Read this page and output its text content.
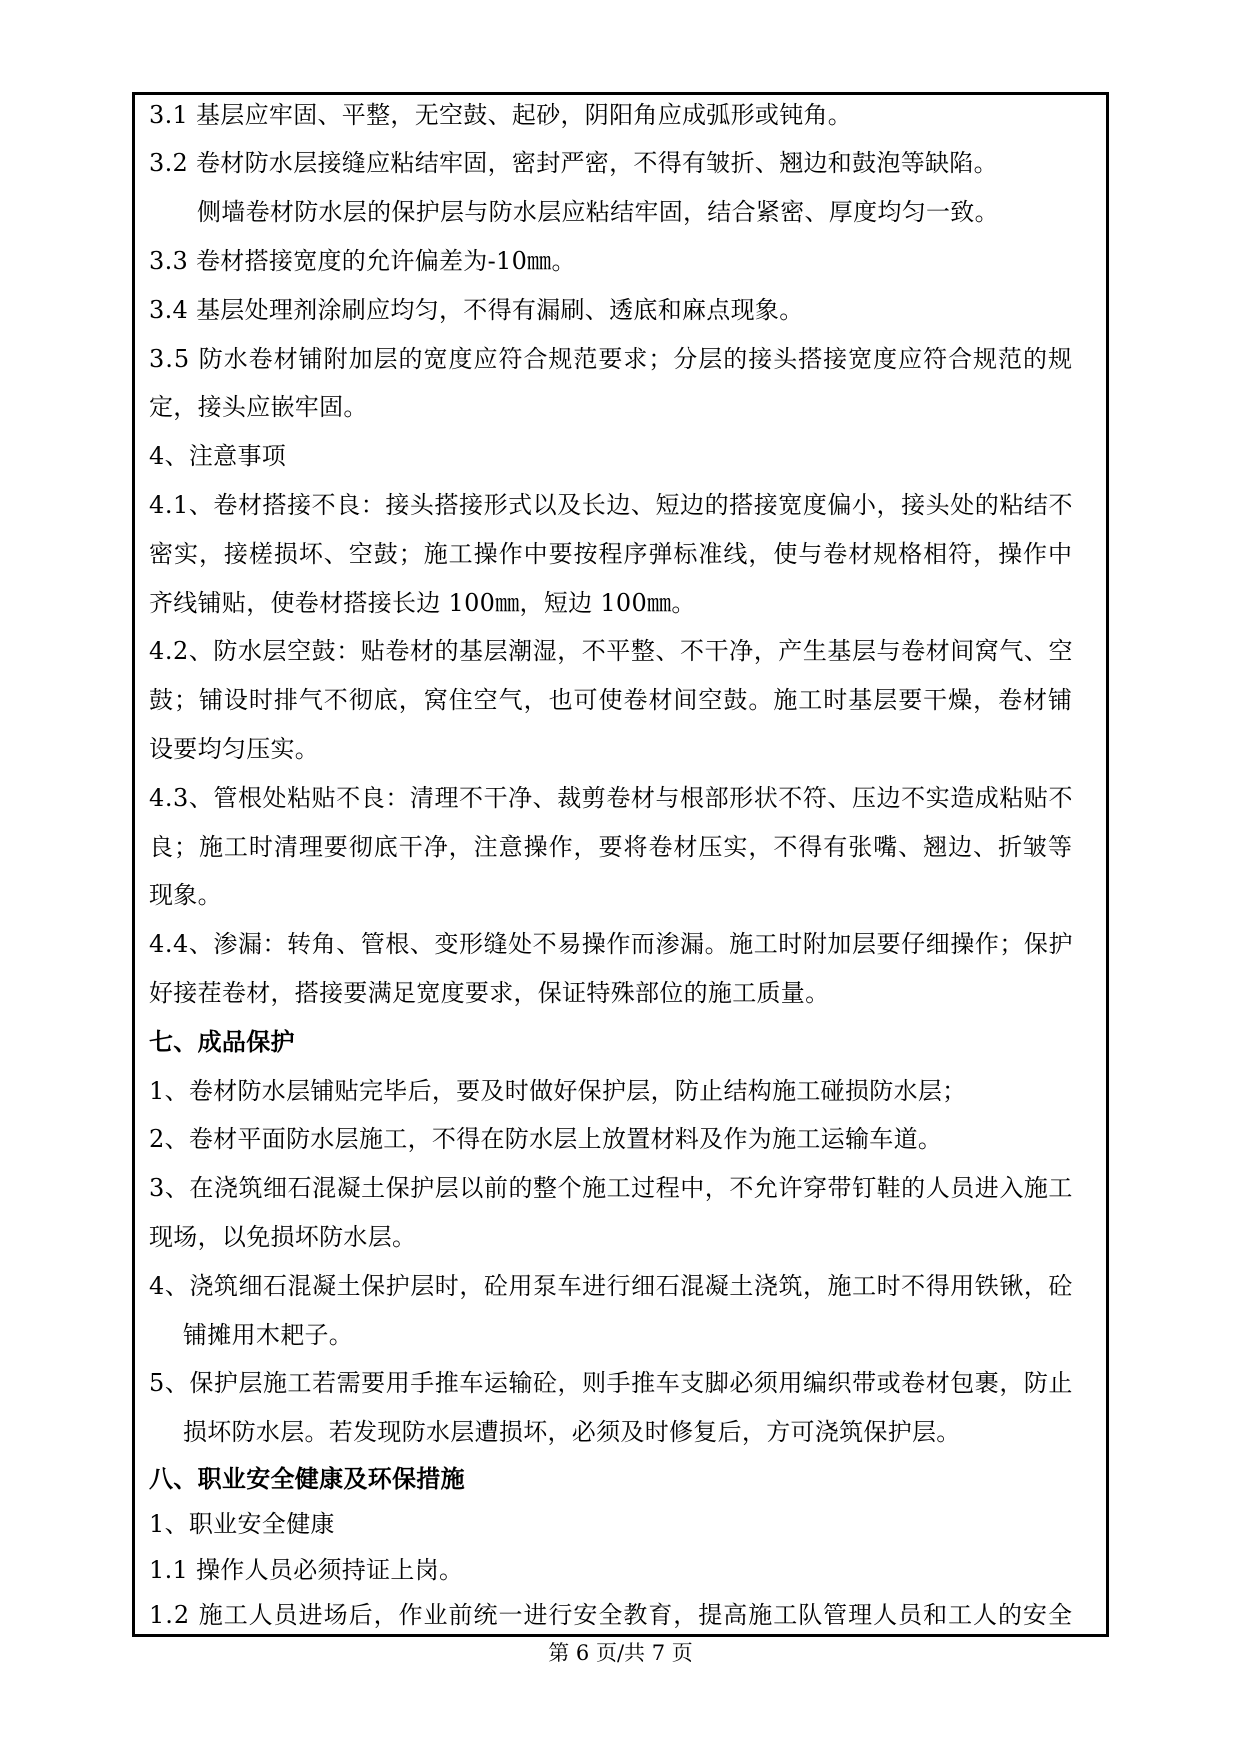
3.1 基层应牢固、平整，无空鼓、起砂，阴阳角应成弧形或钝角。
3.2 卷材防水层接缝应粘结牢固，密封严密，不得有皱折、翘边和鼓泡等缺陷。
侧墙卷材防水层的保护层与防水层应粘结牢固，结合紧密、厚度均匀一致。
3.3 卷材搭接宽度的允许偏差为-10㎜。
3.4 基层处理剂涂刷应均匀，不得有漏刷、透底和麻点现象。
3.5 防水卷材铺附加层的宽度应符合规范要求；分层的接头搭接宽度应符合规范的规
定，接头应嵌牢固。
4、注意事项
4.1、卷材搭接不良：接头搭接形式以及长边、短边的搭接宽度偏小，接头处的粘结不
密实，接槎损坏、空鼓；施工操作中要按程序弹标准线，使与卷材规格相符，操作中
齐线铺贴，使卷材搭接长边 100㎜，短边 100㎜。
4.2、防水层空鼓：贴卷材的基层潮湿，不平整、不干净，产生基层与卷材间窝气、空
鼓；铺设时排气不彻底，窝住空气，也可使卷材间空鼓。施工时基层要干燥，卷材铺
设要均匀压实。
4.3、管根处粘贴不良：清理不干净、裁剪卷材与根部形状不符、压边不实造成粘贴不
良；施工时清理要彻底干净，注意操作，要将卷材压实，不得有张嘴、翘边、折皱等
现象。
4.4、渗漏：转角、管根、变形缝处不易操作而渗漏。施工时附加层要仔细操作；保护
好接茬卷材，搭接要满足宽度要求，保证特殊部位的施工质量。
七、成品保护
1、卷材防水层铺贴完毕后，要及时做好保护层，防止结构施工碰损防水层；
2、卷材平面防水层施工，不得在防水层上放置材料及作为施工运输车道。
3、在浇筑细石混凝土保护层以前的整个施工过程中，不允许穿带钉鞋的人员进入施工
现场，以免损坏防水层。
4、浇筑细石混凝土保护层时，砼用泵车进行细石混凝土浇筑，施工时不得用铁锹，砼
铺摊用木耙子。
5、保护层施工若需要用手推车运输砼，则手推车支脚必须用编织带或卷材包裹，防止
损坏防水层。若发现防水层遭损坏，必须及时修复后，方可浇筑保护层。
八、职业安全健康及环保措施
1、职业安全健康
1.1 操作人员必须持证上岗。
1.2 施工人员进场后，作业前统一进行安全教育，提高施工队管理人员和工人的安全
第 6 页/共 7 页
